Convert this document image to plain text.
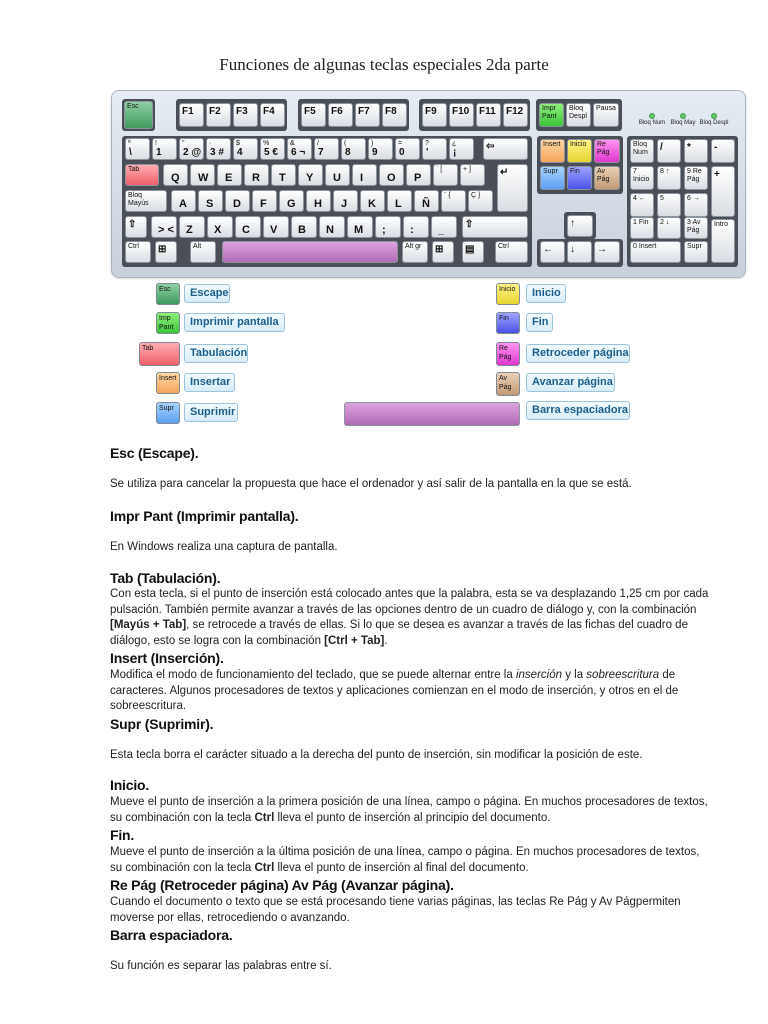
Funciones de algunas teclas especiales 2da parte
Esc	F1	F2	F3	F4	F5	F6	F7	F8	F9	F10 F11	F12	Impr Pant
Bloq Despl
Pausa
Bloq Num Bloq May Bloq Despl
Tab
Bloq Mayús
⇧	⇧
⇦
↵
Ctrl	⊞	Alt	Alt gr	⊞	▤	Ctrl
Insert	Inicio	Re Pág
Supr	Fin	Av Pág
↑
←	↓	→
Bloq Num	/	*	-
7 Inicio
8 ↑	9 Re Pág	+
4 ←	5	6 →
1 Fin	2 ↓	3 Av Pág
Intro
0 Insert	Supr
ª
\
!
1
"
2 @
·
3 #
$
4
%
5 €
&
6 ¬
/
7
(
8
)
9
=
0
?
'
¿
¡
Q W E R T Y U I O P
` [	+ ]
A S D F G H J K L Ñ
¨ {	Ç }
> < Z X C V B N M ; : _
Esc	Escape
Imp Pant	Imprimir pantalla
Tab	Tabulación
Insert	Insertar
Supr	Suprimir
Inicio	Inicio
Fin	Fin
Re Pág	Retroceder página
Av Pág	Avanzar página
Barra espaciadora
Esc (Escape).
Se utiliza para cancelar la propuesta que hace el ordenador y así salir de la pantalla en la que se está.
Impr Pant (Imprimir pantalla).
En Windows realiza una captura de pantalla.
Tab (Tabulación).
Con esta tecla, si el punto de inserción está colocado antes que la palabra, esta se va desplazando 1,25 cm por cada pulsación. También permite avanzar a través de las opciones dentro de un cuadro de diálogo y, con la combinación [Mayús + Tab], se retrocede a través de ellas. Si lo que se desea es avanzar a través de las fichas del cuadro de diálogo, esto se logra con la combinación [Ctrl + Tab].
Insert (Inserción).
Modifica el modo de funcionamiento del teclado, que se puede alternar entre la inserción y la sobreescritura de caracteres. Algunos procesadores de textos y aplicaciones comienzan en el modo de inserción, y otros en el de sobreescritura.
Supr (Suprimir).
Esta tecla borra el carácter situado a la derecha del punto de inserción, sin modificar la posición de este.
Inicio.
Mueve el punto de inserción a la primera posición de una línea, campo o página. En muchos procesadores de textos, su combinación con la tecla Ctrl lleva el punto de inserción al principio del documento.
Fin.
Mueve el punto de inserción a la última posición de una línea, campo o página. En muchos procesadores de textos, su combinación con la tecla Ctrl lleva el punto de inserción al final del documento.
Re Pág (Retroceder página) Av Pág (Avanzar página).
Cuando el documento o texto que se está procesando tiene varias páginas, las teclas Re Pág y Av Págpermiten moverse por ellas, retrocediendo o avanzando.
Barra espaciadora.
Su función es separar las palabras entre sí.
